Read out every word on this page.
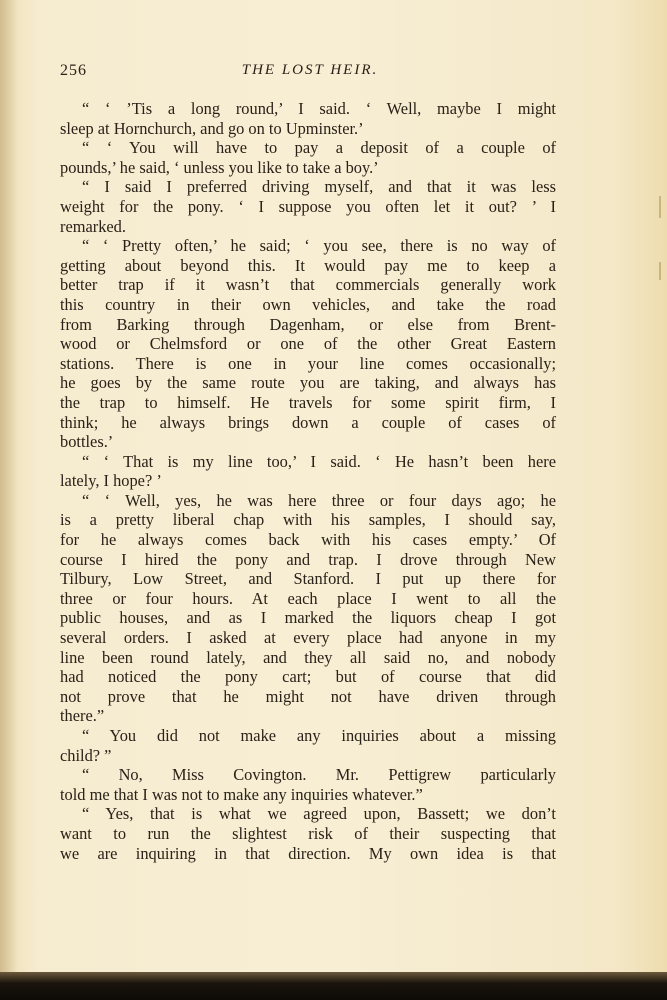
256	THE LOST HEIR.
“ ‘ ’Tis a long round,’ I said. ‘ Well, maybe I might
sleep at Hornchurch, and go on to Upminster.’
“ ‘ You will have to pay a deposit of a couple of
pounds,’ he said, ‘ unless you like to take a boy.’
“ I said I preferred driving myself, and that it was less
weight for the pony. ‘ I suppose you often let it out? ’ I
remarked.
“ ‘ Pretty often,’ he said; ‘ you see, there is no way of
getting about beyond this. It would pay me to keep a
better trap if it wasn’t that commercials generally work
this country in their own vehicles, and take the road
from Barking through Dagenham, or else from Brent-
wood or Chelmsford or one of the other Great Eastern
stations. There is one in your line comes occasionally;
he goes by the same route you are taking, and always has
the trap to himself. He travels for some spirit firm, I
think; he always brings down a couple of cases of
bottles.’
“ ‘ That is my line too,’ I said. ‘ He hasn’t been here
lately, I hope? ’
“ ‘ Well, yes, he was here three or four days ago; he
is a pretty liberal chap with his samples, I should say,
for he always comes back with his cases empty.’ Of
course I hired the pony and trap. I drove through New
Tilbury, Low Street, and Stanford. I put up there for
three or four hours. At each place I went to all the
public houses, and as I marked the liquors cheap I got
several orders. I asked at every place had anyone in my
line been round lately, and they all said no, and nobody
had noticed the pony cart; but of course that did
not prove that he might not have driven through
there.”
“ You did not make any inquiries about a missing
child? ”
“ No, Miss Covington. Mr. Pettigrew particularly
told me that I was not to make any inquiries whatever.”
“ Yes, that is what we agreed upon, Bassett; we don’t
want to run the slightest risk of their suspecting that
we are inquiring in that direction. My own idea is that
